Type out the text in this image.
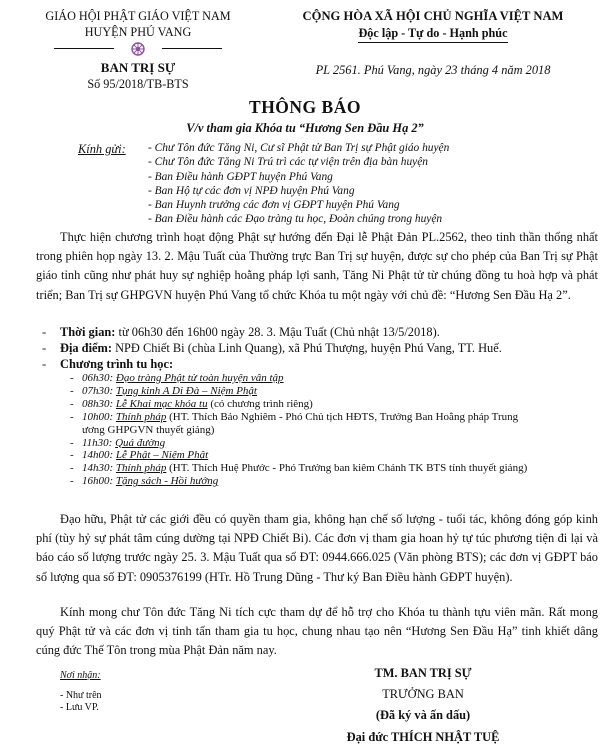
GIÁO HỘI PHẬT GIÁO VIỆT NAM
HUYỆN PHÚ VANG
BAN TRỊ SỰ
Số 95/2018/TB-BTS
CỘNG HÒA XÃ HỘI CHỦ NGHĨA VIỆT NAM
Độc lập - Tự do - Hạnh phúc
PL 2561. Phú Vang, ngày 23 tháng 4 năm 2018
THÔNG BÁO
V/v tham gia Khóa tu “Hương Sen Đầu Hạ 2”
Kính gửi: - Chư Tôn đức Tăng Ni, Cư sĩ Phật tử Ban Trị sự Phật giáo huyện
- Chư Tôn đức Tăng Ni Trú trì các tự viện trên địa bàn huyện
- Ban Điều hành GĐPT huyện Phú Vang
- Ban Hộ tự các đơn vị NPĐ huyện Phú Vang
- Ban Huynh trưởng các đơn vị GĐPT huyện Phú Vang
- Ban Điều hành các Đạo tràng tu học, Đoàn chúng trong huyện

Thực hiện chương trình hoạt động Phật sự hướng đến Đại lễ Phật Đản PL.2562, theo tinh thần thống nhất trong phiên họp ngày 13. 2. Mậu Tuất của Thường trực Ban Trị sự huyện, được sự cho phép của Ban Trị sự Phật giáo tỉnh cũng như phát huy sự nghiệp hoằng pháp lợi sanh, Tăng Ni Phật tử từ chúng đồng tu hoà hợp và phát triển; Ban Trị sự GHPGVN huyện Phú Vang tổ chức Khóa tu một ngày với chủ đề: “Hương Sen Đầu Hạ 2”.

- Thời gian: từ 06h30 đến 16h00 ngày 28. 3. Mậu Tuất (Chủ nhật 13/5/2018).
- Địa điểm: NPĐ Chiết Bi (chùa Linh Quang), xã Phú Thượng, huyện Phú Vang, TT. Huế.
- Chương trình tu học:
- 06h30: Đạo tràng Phật tử toàn huyện vân tập
- 07h30: Tụng kinh A Di Đà – Niệm Phật
- 08h30: Lễ Khai mạc khóa tu (có chương trình riêng)
- 10h00: Thính pháp (HT. Thích Bảo Nghiêm - Phó Chủ tịch HĐTS, Trưởng Ban Hoằng pháp Trung ương GHPGVN thuyết giảng)
- 11h30: Quá đường
- 14h00: Lễ Phật – Niệm Phật
- 14h30: Thính pháp (HT. Thích Huệ Phước - Phó Trưởng ban kiêm Chánh TK BTS tỉnh thuyết giảng)
- 16h00: Tặng sách - Hồi hướng

Đạo hữu, Phật tử các giới đều có quyền tham gia, không hạn chế số lượng - tuổi tác, không đóng góp kinh phí (tùy hỷ sự phát tâm cúng dường tại NPĐ Chiết Bi). Các đơn vị tham gia hoan hỷ tự túc phương tiện đi lại và báo cáo số lượng trước ngày 25. 3. Mậu Tuất qua số ĐT: 0944.666.025 (Văn phòng BTS); các đơn vị GĐPT báo số lượng qua số ĐT: 0905376199 (HTr. Hồ Trung Dũng - Thư ký Ban Điều hành GĐPT huyện).

Kính mong chư Tôn đức Tăng Ni tích cực tham dự để hỗ trợ cho Khóa tu thành tựu viên mãn. Rất mong quý Phật tử và các đơn vị tinh tấn tham gia tu học, chung nhau tạo nên “Hương Sen Đầu Hạ” tinh khiết dâng cúng đức Thế Tôn trong mùa Phật Đản năm nay.

Nơi nhận:
- Như trên
- Lưu VP.
TM. BAN TRỊ SỰ
TRƯỞNG BAN
(Đã ký và ấn dấu)
Đại đức THÍCH NHẬT TUỆ
